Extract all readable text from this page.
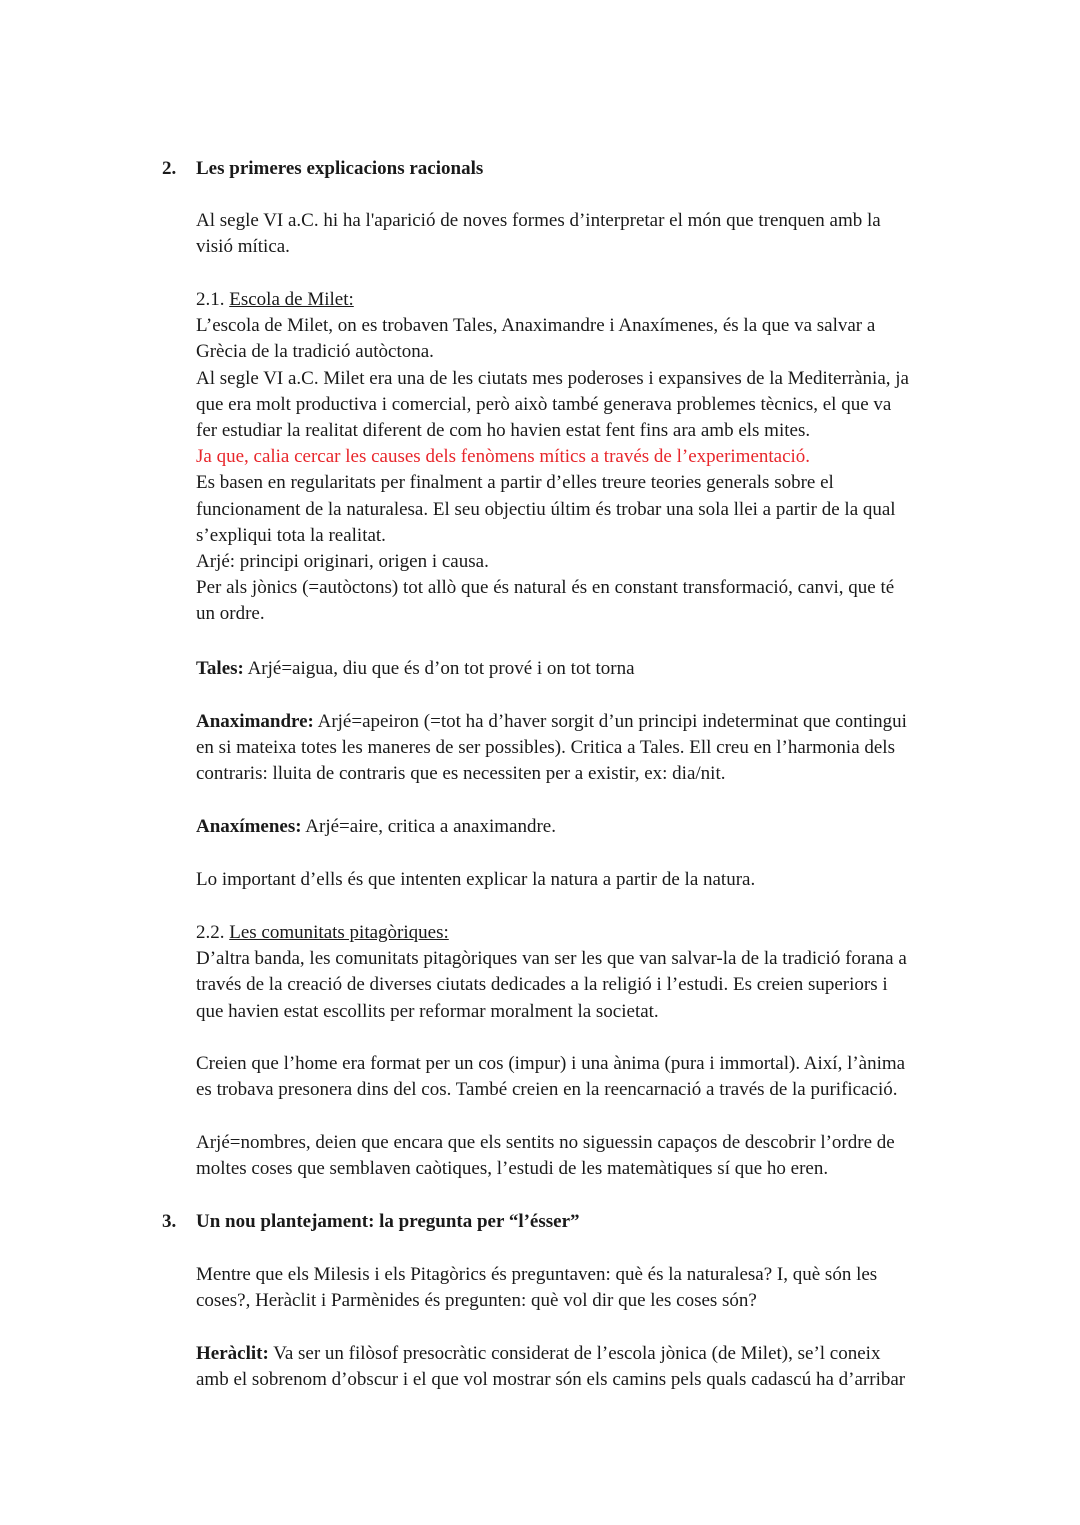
2. Les primeres explicacions racionals
Al segle VI a.C. hi ha l'aparició de noves formes d’interpretar el món que trenquen amb la
visió mítica.
2.1. Escola de Milet:
L’escola de Milet, on es trobaven Tales, Anaximandre i Anaxímenes, és la que va salvar a
Grècia de la tradició autòctona.
Al segle VI a.C. Milet era una de les ciutats mes poderoses i expansives de la Mediterrània, ja
que era molt productiva i comercial, però això també generava problemes tècnics, el que va
fer estudiar la realitat diferent de com ho havien estat fent fins ara amb els mites.
Ja que, calia cercar les causes dels fenòmens mítics a través de l’experimentació.
Es basen en regularitats per finalment a partir d’elles treure teories generals sobre el
funcionament de la naturalesa. El seu objectiu últim és trobar una sola llei a partir de la qual
s’expliqui tota la realitat.
Arjé: principi originari, origen i causa.
Per als jònics (=autòctons) tot allò que és natural és en constant transformació, canvi, que té
un ordre.
Tales: Arjé=aigua, diu que és d’on tot prové i on tot torna
Anaximandre: Arjé=apeiron (=tot ha d’haver sorgit d’un principi indeterminat que contingui
en si mateixa totes les maneres de ser possibles). Critica a Tales. Ell creu en l’harmonia dels
contraris: lluita de contraris que es necessiten per a existir, ex: dia/nit.
Anaxímenes: Arjé=aire, critica a anaximandre.
Lo important d’ells és que intenten explicar la natura a partir de la natura.
2.2. Les comunitats pitagòriques:
D’altra banda, les comunitats pitagòriques van ser les que van salvar-la de la tradició forana a
través de la creació de diverses ciutats dedicades a la religió i l’estudi. Es creien superiors i
que havien estat escollits per reformar moralment la societat.
Creien que l’home era format per un cos (impur) i una ànima (pura i immortal). Així, l’ànima
es trobava presonera dins del cos. També creien en la reencarnació a través de la purificació.
Arjé=nombres, deien que encara que els sentits no siguessin capaços de descobrir l’ordre de
moltes coses que semblaven caòtiques, l’estudi de les matemàtiques sí que ho eren.
3. Un nou plantejament: la pregunta per “l’ésser”
Mentre que els Milesis i els Pitagòrics és preguntaven: què és la naturalesa? I, què són les
coses?, Heràclit i Parmènides és pregunten: què vol dir que les coses són?
Heràclit: Va ser un filòsof presocràtic considerat de l’escola jònica (de Milet), se’l coneix
amb el sobrenom d’obscur i el que vol mostrar són els camins pels quals cadascú ha d’arribar
